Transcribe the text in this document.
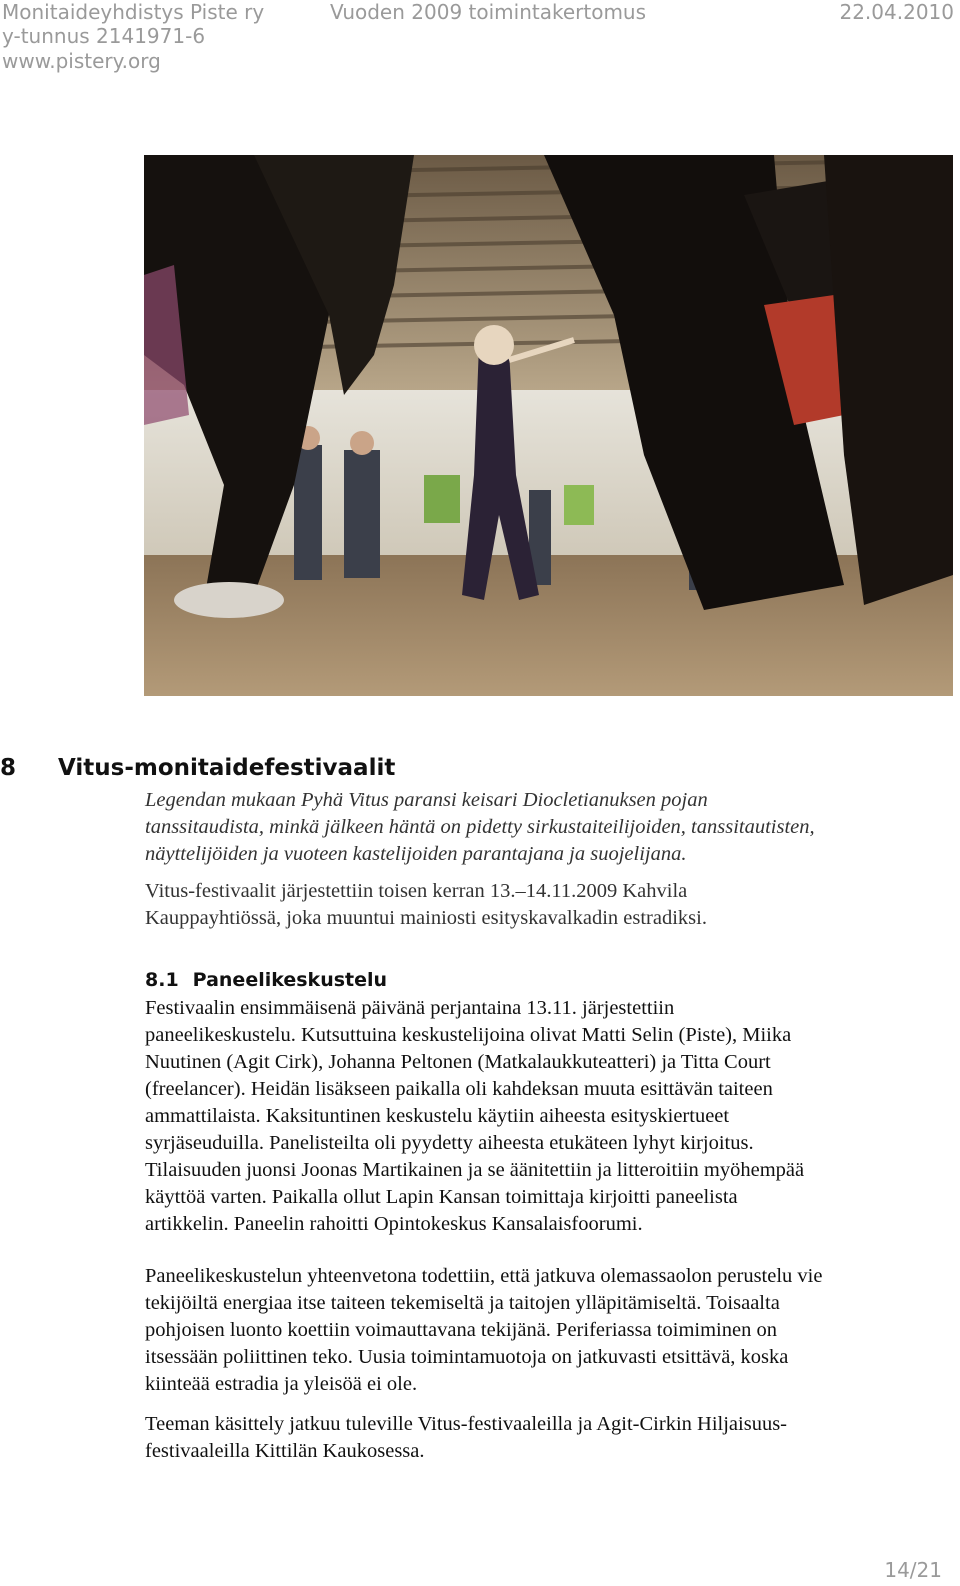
Monitaideyhdistys Piste ry
y-tunnus 2141971-6
www.pistery.org
Vuoden 2009 toimintakertomus	22.04.2010
8 Vitus-monitaidefestivaalit

Legendan mukaan Pyhä Vitus paransi keisari Diocletianuksen pojan
tanssitaudista, minkä jälkeen häntä on pidetty sirkustaiteilijoiden, tanssitautisten,
näyttelijöiden ja vuoteen kastelijoiden parantajana ja suojelijana.

Vitus-festivaalit järjestettiin toisen kerran 13.–14.11.2009 Kahvila
Kauppayhtiössä, joka muuntui mainiosti esityskavalkadin estradiksi.

8.1 Paneelikeskustelu

Festivaalin ensimmäisenä päivänä perjantaina 13.11. järjestettiin
paneelikeskustelu. Kutsuttuina keskustelijoina olivat Matti Selin (Piste), Miika
Nuutinen (Agit Cirk), Johanna Peltonen (Matkalaukkuteatteri) ja Titta Court
(freelancer). Heidän lisäkseen paikalla oli kahdeksan muuta esittävän taiteen
ammattilaista. Kaksituntinen keskustelu käytiin aiheesta esityskiertueet
syrjäseuduilla. Panelisteilta oli pyydetty aiheesta etukäteen lyhyt kirjoitus.
Tilaisuuden juonsi Joonas Martikainen ja se äänitettiin ja litteroitiin myöhempää
käyttöä varten. Paikalla ollut Lapin Kansan toimittaja kirjoitti paneelista
artikkelin. Paneelin rahoitti Opintokeskus Kansalaisfoorumi.

Paneelikeskustelun yhteenvetona todettiin, että jatkuva olemassaolon perustelu vie
tekijöiltä energiaa itse taiteen tekemiseltä ja taitojen ylläpitämiseltä. Toisaalta
pohjoisen luonto koettiin voimauttavana tekijänä. Periferiassa toimiminen on
itsessään poliittinen teko. Uusia toimintamuotoja on jatkuvasti etsittävä, koska
kiinteää estradia ja yleisöä ei ole.

Teeman käsittely jatkuu tuleville Vitus-festivaaleilla ja Agit-Cirkin Hiljaisuus-
festivaaleilla Kittilän Kaukosessa.

14/21
